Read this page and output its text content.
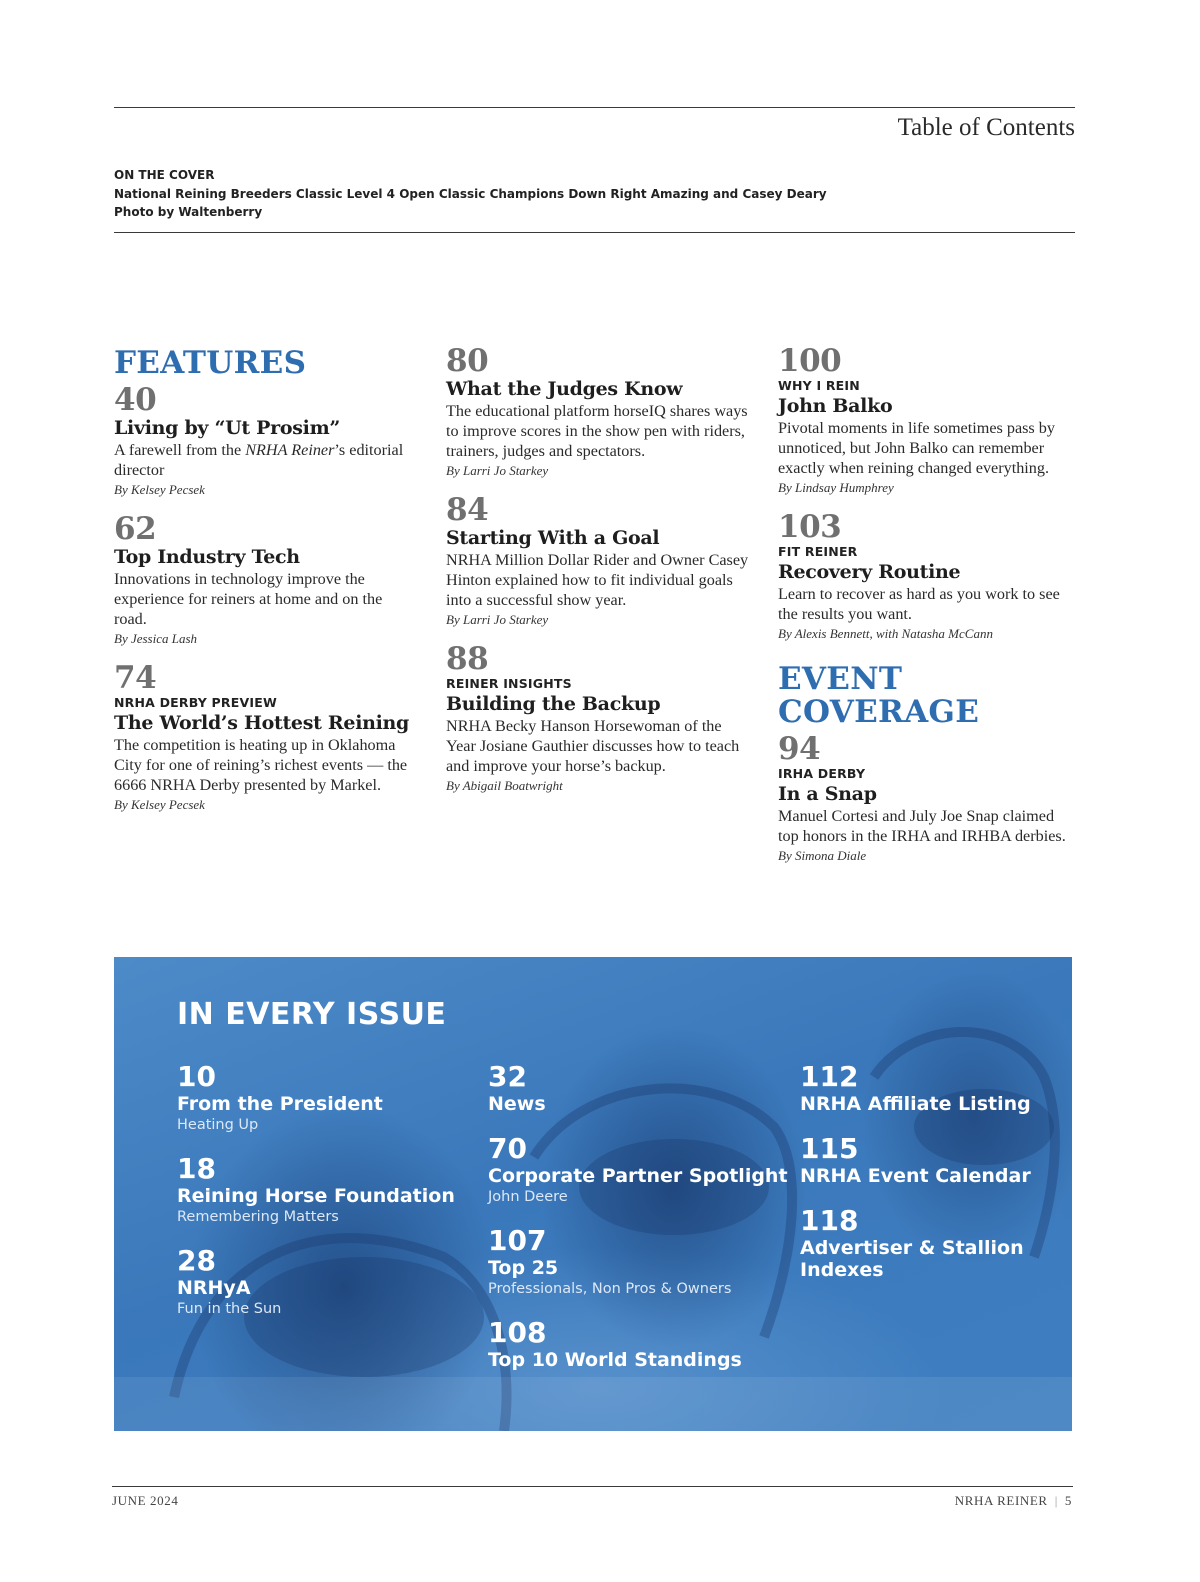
Table of Contents
ON THE COVER
National Reining Breeders Classic Level 4 Open Classic Champions Down Right Amazing and Casey Deary
Photo by Waltenberry
FEATURES
40
Living by “Ut Prosim”
A farewell from the NRHA Reiner’s editorial director
By Kelsey Pecsek
62
Top Industry Tech
Innovations in technology improve the experience for reiners at home and on the road.
By Jessica Lash
74
NRHA DERBY PREVIEW
The World’s Hottest Reining
The competition is heating up in Oklahoma City for one of reining’s richest events — the 6666 NRHA Derby presented by Markel.
By Kelsey Pecsek
80
What the Judges Know
The educational platform horseIQ shares ways to improve scores in the show pen with riders, trainers, judges and spectators.
By Larri Jo Starkey
84
Starting With a Goal
NRHA Million Dollar Rider and Owner Casey Hinton explained how to fit individual goals into a successful show year.
By Larri Jo Starkey
88
REINER INSIGHTS
Building the Backup
NRHA Becky Hanson Horsewoman of the Year Josiane Gauthier discusses how to teach and improve your horse’s backup.
By Abigail Boatwright
100
WHY I REIN
John Balko
Pivotal moments in life sometimes pass by unnoticed, but John Balko can remember exactly when reining changed everything.
By Lindsay Humphrey
103
FIT REINER
Recovery Routine
Learn to recover as hard as you work to see the results you want.
By Alexis Bennett, with Natasha McCann
EVENT COVERAGE
94
IRHA DERBY
In a Snap
Manuel Cortesi and July Joe Snap claimed top honors in the IRHA and IRHBA derbies.
By Simona Diale
IN EVERY ISSUE
10
From the President
Heating Up
18
Reining Horse Foundation
Remembering Matters
28
NRHyA
Fun in the Sun
32
News
70
Corporate Partner Spotlight
John Deere
107
Top 25
Professionals, Non Pros & Owners
108
Top 10 World Standings
112
NRHA Affiliate Listing
115
NRHA Event Calendar
118
Advertiser & Stallion Indexes
JUNE 2024	NRHA REINER | 5
